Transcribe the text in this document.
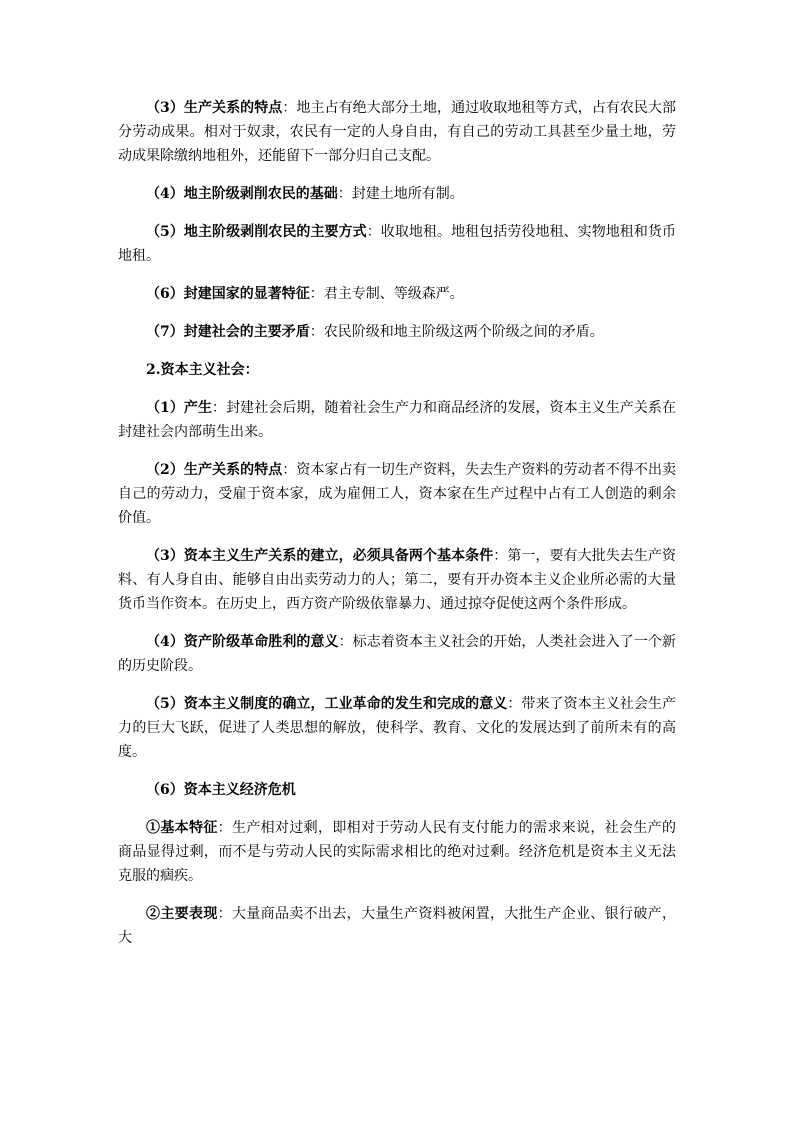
（3）生产关系的特点：地主占有绝大部分土地，通过收取地租等方式，占有农民大部分劳动成果。相对于奴隶，农民有一定的人身自由，有自己的劳动工具甚至少量土地，劳动成果除缴纳地租外，还能留下一部分归自己支配。

（4）地主阶级剥削农民的基础：封建土地所有制。

（5）地主阶级剥削农民的主要方式：收取地租。地租包括劳役地租、实物地租和货币地租。

（6）封建国家的显著特征：君主专制、等级森严。

（7）封建社会的主要矛盾：农民阶级和地主阶级这两个阶级之间的矛盾。

2.资本主义社会：

（1）产生：封建社会后期，随着社会生产力和商品经济的发展，资本主义生产关系在封建社会内部萌生出来。

（2）生产关系的特点：资本家占有一切生产资料，失去生产资料的劳动者不得不出卖自己的劳动力，受雇于资本家，成为雇佣工人，资本家在生产过程中占有工人创造的剩余价值。

（3）资本主义生产关系的建立，必须具备两个基本条件：第一，要有大批失去生产资料、有人身自由、能够自由出卖劳动力的人；第二，要有开办资本主义企业所必需的大量货币当作资本。在历史上，西方资产阶级依靠暴力、通过掠夺促使这两个条件形成。

（4）资产阶级革命胜利的意义：标志着资本主义社会的开始，人类社会进入了一个新的历史阶段。

（5）资本主义制度的确立，工业革命的发生和完成的意义：带来了资本主义社会生产力的巨大飞跃，促进了人类思想的解放，使科学、教育、文化的发展达到了前所未有的高度。

（6）资本主义经济危机

①基本特征：生产相对过剩，即相对于劳动人民有支付能力的需求来说，社会生产的商品显得过剩，而不是与劳动人民的实际需求相比的绝对过剩。经济危机是资本主义无法克服的痼疾。

②主要表现：大量商品卖不出去，大量生产资料被闲置，大批生产企业、银行破产，大
